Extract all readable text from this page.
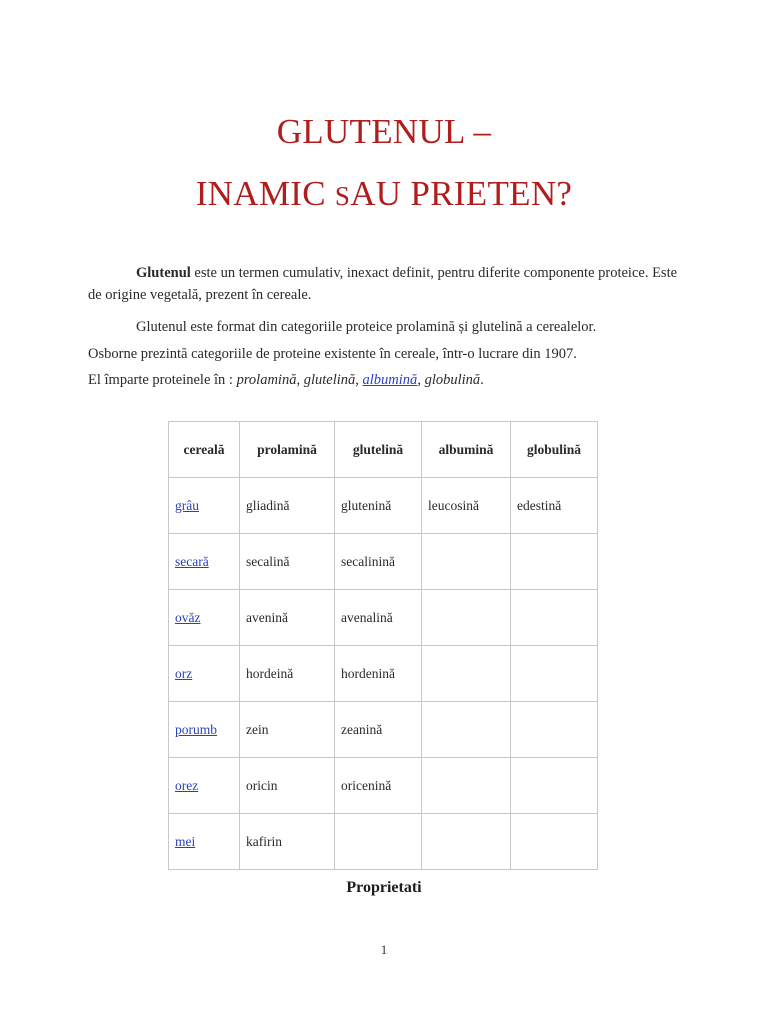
GLUTENUL –
INAMIC SAU PRIETEN?
Glutenul este un termen cumulativ, inexact definit, pentru diferite componente proteice. Este de origine vegetală, prezent în cereale.
Glutenul este format din categoriile proteice prolamină și glutelină a cerealelor.
Osborne prezintă categoriile de proteine existente în cereale, într-o lucrare din 1907.
El împarte proteinele în : prolamină, glutelină, albumină, globulină.
cereală	prolamină	glutelină	albumină	globulină
grâu	gliadină	glutenină	leucosină	edestină
secară	secalină	secalinină		
ovăz	avenină	avenalină		
orz	hordeină	hordenină		
porumb	zein	zeanină		
orez	oricin	oricenină		
mei	kafirin			
Proprietati
1
